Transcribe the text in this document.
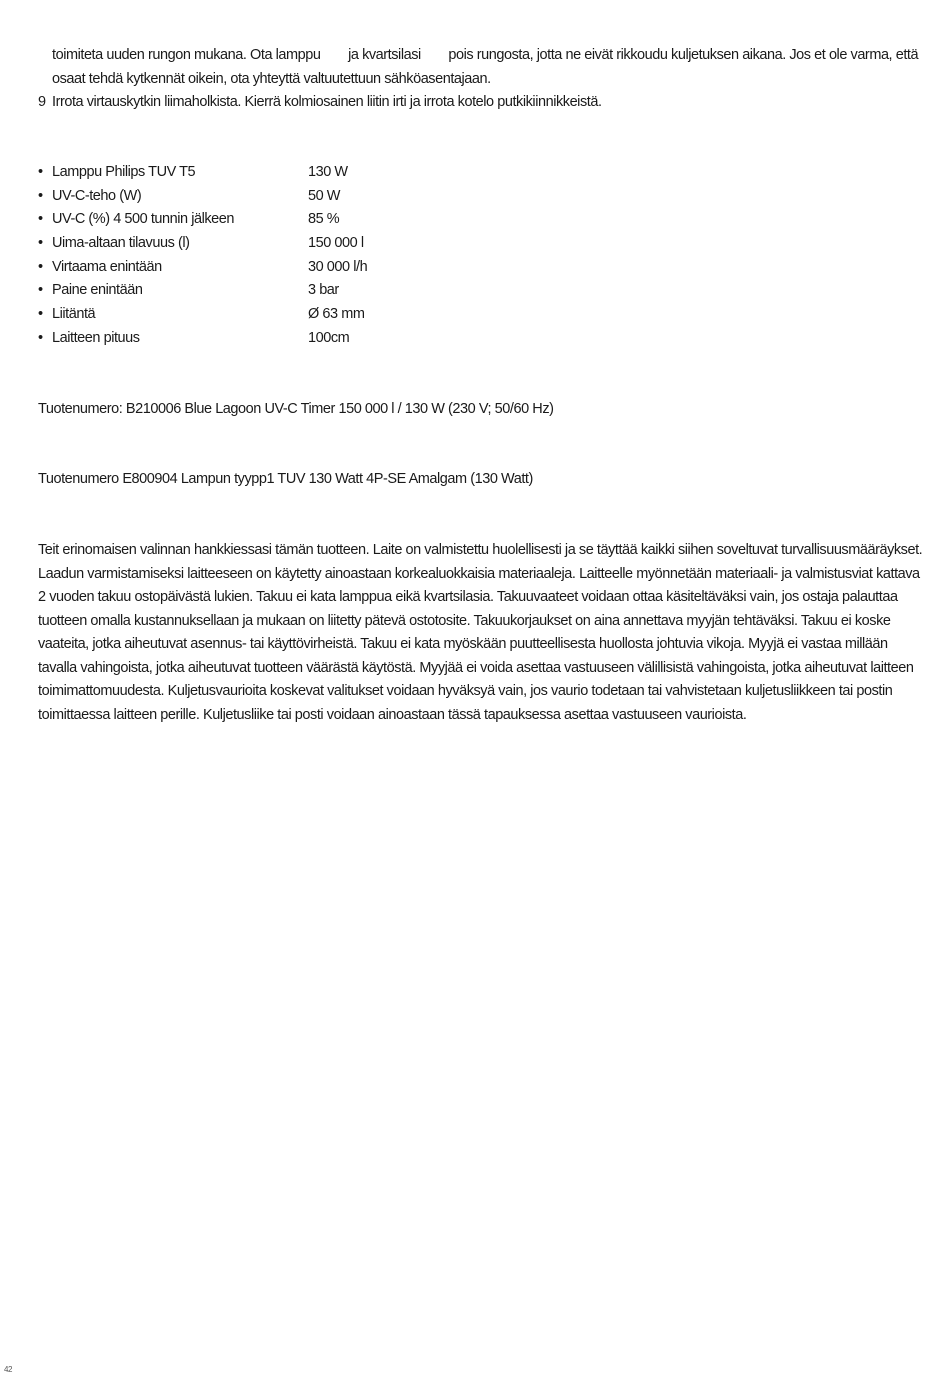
toimiteta uuden rungon mukana. Ota lamppu ja kvartsilasi pois rungosta, jotta ne eivät rikkoudu kuljetuksen aikana. Jos et ole varma, että osaat tehdä kytkennät oikein, ota yhteyttä valtuutettuun sähköasentajaan.
9 Irrota virtauskytkin liimaholkista. Kierrä kolmiosainen liitin irti ja irrota kotelo putkikiinnikkeistä.
• Lamppu Philips TUV T5	130 W
• UV-C-teho (W)	50 W
• UV-C (%) 4 500 tunnin jälkeen	85 %
• Uima-altaan tilavuus (l)	150 000 l
• Virtaama enintään	30 000 l/h
• Paine enintään	3 bar
• Liitäntä	Ø 63 mm
• Laitteen pituus	100cm
Tuotenumero: B210006 Blue Lagoon UV-C Timer 150 000 l / 130 W (230 V; 50/60 Hz)
Tuotenumero E800904 Lampun tyypp1 TUV 130 Watt 4P-SE Amalgam (130 Watt)
Teit erinomaisen valinnan hankkiessasi tämän tuotteen. Laite on valmistettu huolellisesti ja se täyttää kaikki siihen soveltuvat turvallisuusmääräykset. Laadun varmistamiseksi laitteeseen on käytetty ainoastaan korkealuokkaisia materiaaleja. Laitteelle myönnetään materiaali- ja valmistusviat kattava 2 vuoden takuu ostopäivästä lukien. Takuu ei kata lamppua eikä kvartsilasia. Takuuvaateet voidaan ottaa käsiteltäväksi vain, jos ostaja palauttaa tuotteen omalla kustannuksellaan ja mukaan on liitetty pätevä ostotosite. Takuukorjaukset on aina annettava myyjän tehtäväksi. Takuu ei koske vaateita, jotka aiheutuvat asennus- tai käyttövirheistä. Takuu ei kata myöskään puutteellisesta huollosta johtuvia vikoja. Myyjä ei vastaa millään tavalla vahingoista, jotka aiheutuvat tuotteen väärästä käytöstä. Myyjää ei voida asettaa vastuuseen välillisistä vahingoista, jotka aiheutuvat laitteen toimimattomuudesta. Kuljetusvaurioita koskevat valitukset voidaan hyväksyä vain, jos vaurio todetaan tai vahvistetaan kuljetusliikkeen tai postin toimittaessa laitteen perille. Kuljetusliike tai posti voidaan ainoastaan tässä tapauksessa asettaa vastuuseen vaurioista.
42
